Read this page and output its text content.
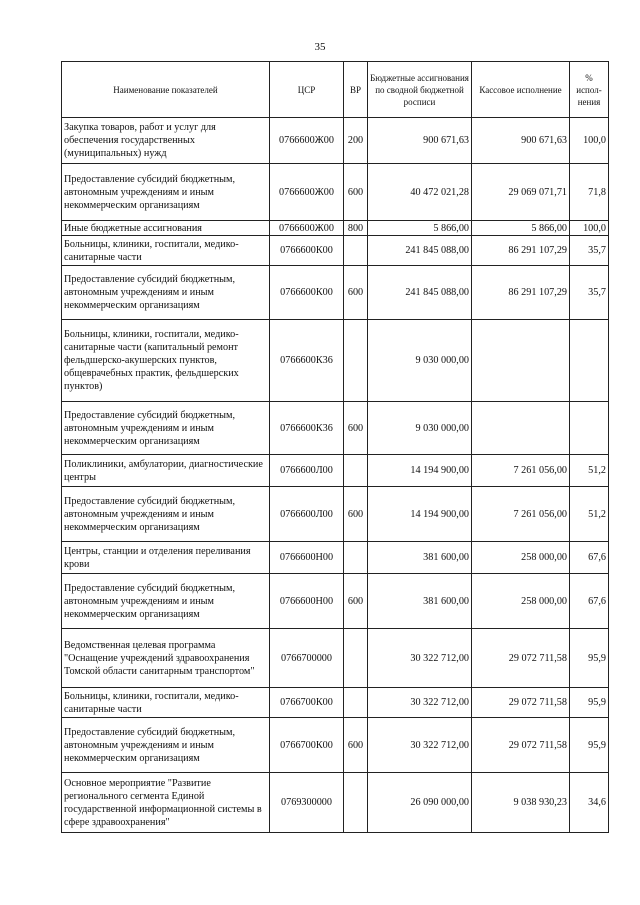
35
Наименование показателей	ЦСР	ВР	Бюджетные ассигнования по сводной бюджетной росписи	Кассовое исполнение	% испол-нения
Закупка товаров, работ и услуг для обеспечения государственных (муниципальных) нужд	0766600Ж00	200	900 671,63	900 671,63	100,0
Предоставление субсидий бюджетным, автономным учреждениям и иным некоммерческим организациям	0766600Ж00	600	40 472 021,28	29 069 071,71	71,8
Иные бюджетные ассигнования	0766600Ж00	800	5 866,00	5 866,00	100,0
Больницы, клиники, госпитали, медико-санитарные части	0766600К00		241 845 088,00	86 291 107,29	35,7
Предоставление субсидий бюджетным, автономным учреждениям и иным некоммерческим организациям	0766600К00	600	241 845 088,00	86 291 107,29	35,7
Больницы, клиники, госпитали, медико-санитарные части (капитальный ремонт фельдшерско-акушерских пунктов, общеврачебных практик, фельдшерских пунктов)	0766600К36		9 030 000,00		
Предоставление субсидий бюджетным, автономным учреждениям и иным некоммерческим организациям	0766600К36	600	9 030 000,00		
Поликлиники, амбулатории, диагностические центры	0766600Л00		14 194 900,00	7 261 056,00	51,2
Предоставление субсидий бюджетным, автономным учреждениям и иным некоммерческим организациям	0766600Л00	600	14 194 900,00	7 261 056,00	51,2
Центры, станции и отделения переливания крови	0766600Н00		381 600,00	258 000,00	67,6
Предоставление субсидий бюджетным, автономным учреждениям и иным некоммерческим организациям	0766600Н00	600	381 600,00	258 000,00	67,6
Ведомственная целевая программа "Оснащение учреждений здравоохранения Томской области санитарным транспортом"	0766700000		30 322 712,00	29 072 711,58	95,9
Больницы, клиники, госпитали, медико-санитарные части	0766700К00		30 322 712,00	29 072 711,58	95,9
Предоставление субсидий бюджетным, автономным учреждениям и иным некоммерческим организациям	0766700К00	600	30 322 712,00	29 072 711,58	95,9
Основное мероприятие "Развитие регионального сегмента Единой государственной информационной системы в сфере здравоохранения"	0769300000		26 090 000,00	9 038 930,23	34,6
